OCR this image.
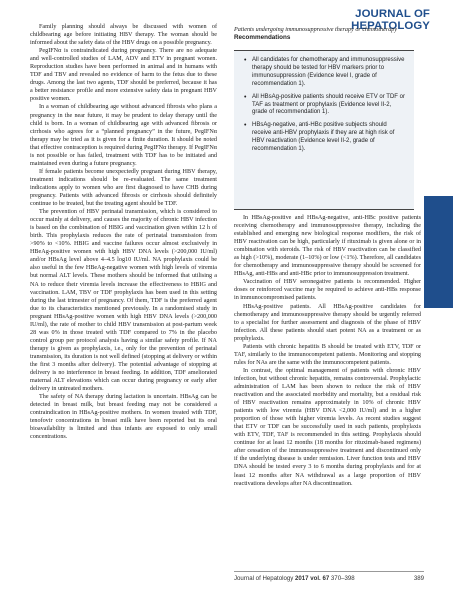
JOURNAL OF HEPATOLOGY
Patients undergoing immunosuppressive therapy or chemotherapy
Recommendations
• All candidates for chemotherapy and immunosuppressive therapy should be tested for HBV markers prior to immunosuppression (Evidence level I, grade of recommendation 1).
• All HBsAg-positive patients should receive ETV or TDF or TAF as treatment or prophylaxis (Evidence level II-2, grade of recommendation 1).
• HBsAg-negative, anti-HBc positive subjects should receive anti-HBV prophylaxis if they are at high risk of HBV reactivation (Evidence level II-2, grade of recommendation 1).

Family planning should always be discussed with women of childbearing age before initiating HBV therapy. The woman should be informed about the safety data of the HBV drugs on a possible pregnancy.

PegIFNα is contraindicated during pregnancy. There are no adequate and well-controlled studies of LAM, ADV and ETV in pregnant women. Reproduction studies have been performed in animal and in humans with TDF and TBV and revealed no evidence of harm to the fetus due to these drugs. Among the last two agents, TDF should be preferred, because it has a better resistance profile and more extensive safety data in pregnant HBV positive women.

In a woman of childbearing age without advanced fibrosis who plans a pregnancy in the near future, it may be prudent to delay therapy until the child is born. In a woman of childbearing age with advanced fibrosis or cirrhosis who agrees for a “planned pregnancy” in the future, PegIFNα therapy may be tried as it is given for a finite duration. It should be noted that effective contraception is required during PegIFNα therapy. If PegIFNα is not possible or has failed, treatment with TDF has to be initiated and maintained even during a future pregnancy.

If female patients become unexpectedly pregnant during HBV therapy, treatment indications should be re-evaluated. The same treatment indications apply to women who are first diagnosed to have CHB during pregnancy. Patients with advanced fibrosis or cirrhosis should definitely continue to be treated, but the treating agent should be TDF.

The prevention of HBV perinatal transmission, which is considered to occur mainly at delivery, and causes the majority of chronic HBV infection is based on the combination of HBIG and vaccination given within 12 h of birth. This prophylaxis reduces the rate of perinatal transmission from >90% to <10%. HBIG and vaccine failures occur almost exclusively in HBeAg-positive women with high HBV DNA levels (>200,000 IU/ml) and/or HBsAg level above 4–4.5 log10 IU/ml. NA prophylaxis could be also useful in the few HBeAg-negative women with high levels of viremia but normal ALT levels. These mothers should be informed that utilising a NA to reduce their viremia levels increase the effectiveness to HBIG and vaccination. LAM, TBV or TDF prophylaxis has been used in this setting during the last trimester of pregnancy. Of them, TDF is the preferred agent due to its characteristics mentioned previously. In a randomised study in pregnant HBsAg-positive women with high HBV DNA levels (>200,000 IU/ml), the rate of mother to child HBV transmission at post-partum week 28 was 0% in those treated with TDF compared to 7% in the placebo control group per protocol analysis having a similar safety profile. If NA therapy is given as prophylaxis, i.e., only for the prevention of perinatal transmission, its duration is not well defined (stopping at delivery or within the first 3 months after delivery). The potential advantage of stopping at delivery is no interference in breast feeding. In addition, TDF ameliorated maternal ALT elevations which can occur during pregnancy or early after delivery in untreated mothers.

The safety of NA therapy during lactation is uncertain. HBsAg can be detected in breast milk, but breast feeding may not be considered a contraindication in HBsAg-positive mothers. In women treated with TDF, tenofovir concentrations in breast milk have been reported but its oral bioavailability is limited and thus infants are exposed to only small concentrations.

In HBsAg-positive and HBsAg-negative, anti-HBc positive patients receiving chemotherapy and immunosuppressive therapy, including the established and emerging new biological response modifiers, the risk of HBV reactivation can be high, particularly if rituximab is given alone or in combination with steroids. The risk of HBV reactivation can be classified as high (>10%), moderate (1–10%) or low (<1%). Therefore, all candidates for chemotherapy and immunosuppressive therapy should be screened for HBsAg, anti-HBs and anti-HBc prior to immunosuppression treatment.

Vaccination of HBV seronegative patients is recommended. Higher doses or reinforced vaccine may be required to achieve anti-HBs response in immunocompromised patients.

HBsAg-positive patients. All HBsAg-positive candidates for chemotherapy and immunosuppressive therapy should be urgently referred to a specialist for further assessment and diagnosis of the phase of HBV infection. All these patients should start potent NA as a treatment or as prophylaxis.

Patients with chronic hepatitis B should be treated with ETV, TDF or TAF, similarly to the immunocompetent patients. Monitoring and stopping rules for NAs are the same with the immunocompetent patients.

In contrast, the optimal management of patients with chronic HBV infection, but without chronic hepatitis, remains controversial. Prophylactic administration of LAM has been shown to reduce the risk of HBV reactivation and the associated morbidity and mortality, but a residual risk of HBV reactivation remains approximately in 10% of chronic HBV patients with low viremia (HBV DNA <2,000 IU/ml) and in a higher proportion of those with higher viremia levels. As recent studies suggest that ETV or TDF can be successfully used in such patients, prophylaxis with ETV, TDF, TAF is recommended in this setting. Prophylaxis should continue for at least 12 months (18 months for rituximab-based regimens) after cessation of the immunosuppressive treatment and discontinued only if the underlying disease is under remission. Liver function tests and HBV DNA should be tested every 3 to 6 months during prophylaxis and for at least 12 months after NA withdrawal as a large proportion of HBV reactivations develops after NA discontinuation.

Journal of Hepatology 2017 vol. 67 370–398	389
